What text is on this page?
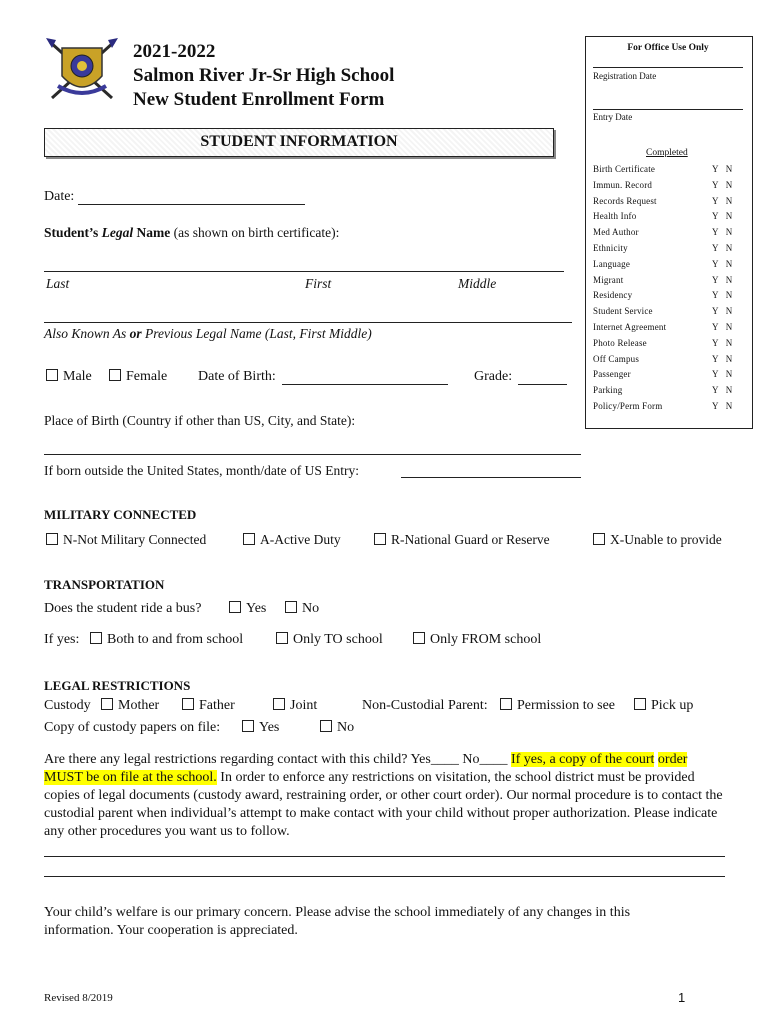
2021-2022
Salmon River Jr-Sr High School
New Student Enrollment Form
For Office Use Only
Registration Date
Entry Date
Completed
Birth Certificate	Y   N
Immun. Record	Y   N
Records Request	Y   N
Health Info	Y   N
Med Author	Y   N
Ethnicity	Y   N
Language	Y   N
Migrant	Y   N
Residency	Y   N
Student Service	Y   N
Internet Agreement	Y   N
Photo Release	Y   N
Off Campus	Y   N
Passenger	Y   N
Parking	Y   N
Policy/Perm Form	Y   N
STUDENT INFORMATION
Date:
Student’s Legal Name (as shown on birth certificate):
Last	First	Middle
Also Known As or Previous Legal Name (Last, First Middle)
Male	Female Date of Birth:	Grade:
Place of Birth (Country if other than US, City, and State):
If born outside the United States, month/date of US Entry:
MILITARY CONNECTED
N-Not Military Connected	A-Active Duty	R-National Guard or Reserve	X-Unable to provide
TRANSPORTATION
Does the student ride a bus?	Yes	No
If yes:	Both to and from school	Only TO school	Only FROM school
LEGAL RESTRICTIONS
Custody	Mother	Father	Joint	Non-Custodial Parent:	Permission to see	Pick up
Copy of custody papers on file:	Yes	No
Are there any legal restrictions regarding contact with this child? Yes____ No____ If yes, a copy of the court order MUST be on file at the school. In order to enforce any restrictions on visitation, the school district must be provided copies of legal documents (custody award, restraining order, or other court order). Our normal procedure is to contact the custodial parent when individual’s attempt to make contact with your child without proper authorization. Please indicate any other procedures you want us to follow.
Your child’s welfare is our primary concern. Please advise the school immediately of any changes in this information. Your cooperation is appreciated.
Revised 8/2019	1
